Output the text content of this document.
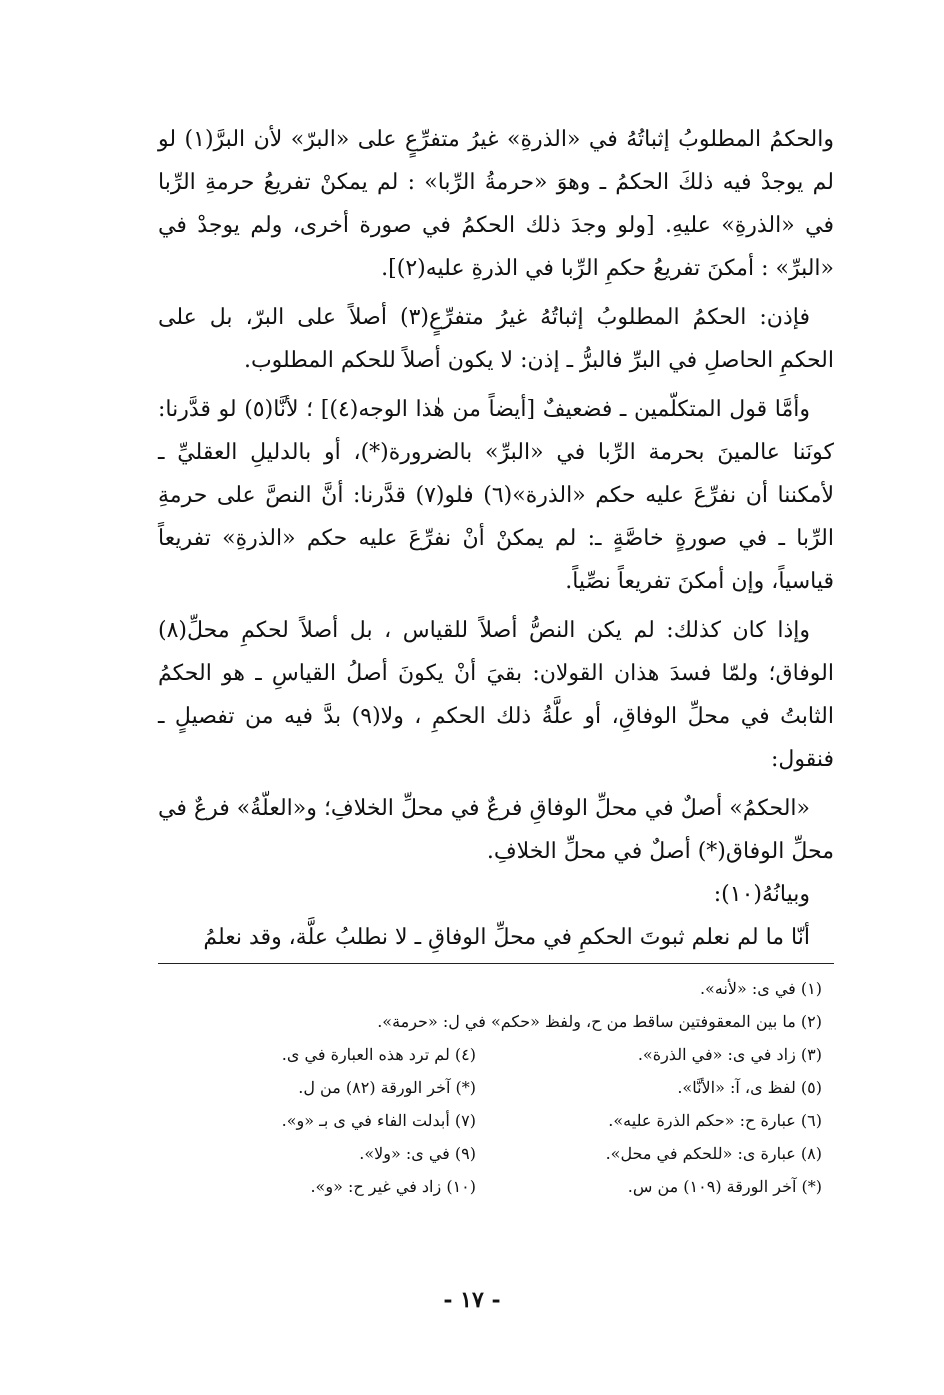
والحكمُ المطلوبُ إثباتُهُ في «الذرةِ» غيرُ متفرِّعٍ على «البرّ» لأن البرَّ(١) لو لم يوجدْ فيه ذلكَ الحكمُ ـ وهوَ «حرمةُ الرِّبا» : لم يمكنْ تفريعُ حرمةِ الرِّبا في «الذرةِ» عليهِ. [ولو وجدَ ذلك الحكمُ في صورة أخرى، ولم يوجدْ في «البرِّ» : أمكنَ تفريعُ حكمِ الرِّبا في الذرةِ عليه(٢)].

فإذن: الحكمُ المطلوبُ إثباتُهُ غيرُ متفرِّعٍ(٣) أصلاً على البرّ، بل على الحكمِ الحاصلِ في البرِّ فالبرُّ ـ إذن: لا يكون أصلاً للحكم المطلوب.

وأمَّا قول المتكلّمين ـ فضعيفٌ [أيضاً من هٰذا الوجه(٤)] ؛ لأنَّا(٥) لو قدَّرنا: كونَنا عالمينَ بحرمة الرِّبا في «البرِّ» بالضرورة(*)، أو بالدليلِ العقليِّ ـ لأمكننا أن نفرِّعَ عليه حكم «الذرة»(٦) فلو(٧) قدَّرنا: أنَّ النصَّ على حرمةِ الرِّبا ـ في صورةٍ خاصَّةٍ ـ: لم يمكنْ أنْ نفرِّعَ عليه حكم «الذرةِ» تفريعاً قياسياً، وإن أمكنَ تفريعاً نصِّياً.

وإذا كان كذلك: لم يكن النصُّ أصلاً للقياس ، بل أصلاً لحكمِ محلِّ(٨) الوفاق؛ ولمّا فسدَ هذان القولان: بقيَ أنْ يكونَ أصلُ القياسِ ـ هو الحكمُ الثابتُ في محلِّ الوفاقِ، أو علَّةُ ذلك الحكمِ ، ولا(٩) بدَّ فيه من تفصيلٍ ـ فنقول:

«الحكمُ» أصلٌ في محلِّ الوفاقِ فرعٌ في محلِّ الخلافِ؛ و«العلّةُ» فرعٌ في محلِّ الوفاق(*) أصلٌ في محلِّ الخلافِ.

وبيانُهُ(١٠):

أنّا ما لم نعلم ثبوتَ الحكمِ في محلِّ الوفاقِ ـ لا نطلبُ علَّة، وقد نعلمُ

(١) في ى: «لأنه».
(٢) ما بين المعقوفتين ساقط من ح، ولفظ «حكم» في ل: «حرمة».
(٣) زاد في ى: «في الذرة».
(٤) لم ترد هذه العبارة في ى.
(٥) لفظ ى، آ: «الأنَّا».
(*) آخر الورقة (٨٢) من ل.
(٦) عبارة ح: «حكم الذرة عليه».
(٧) أبدلت الفاء في ى بـ «و».
(٨) عبارة ى: «للحكم في محل».
(٩) في ى: «ولا».
(*) آخر الورقة (١٠٩) من س.
(١٠) زاد في غير ح: «و».
- ١٧ -
